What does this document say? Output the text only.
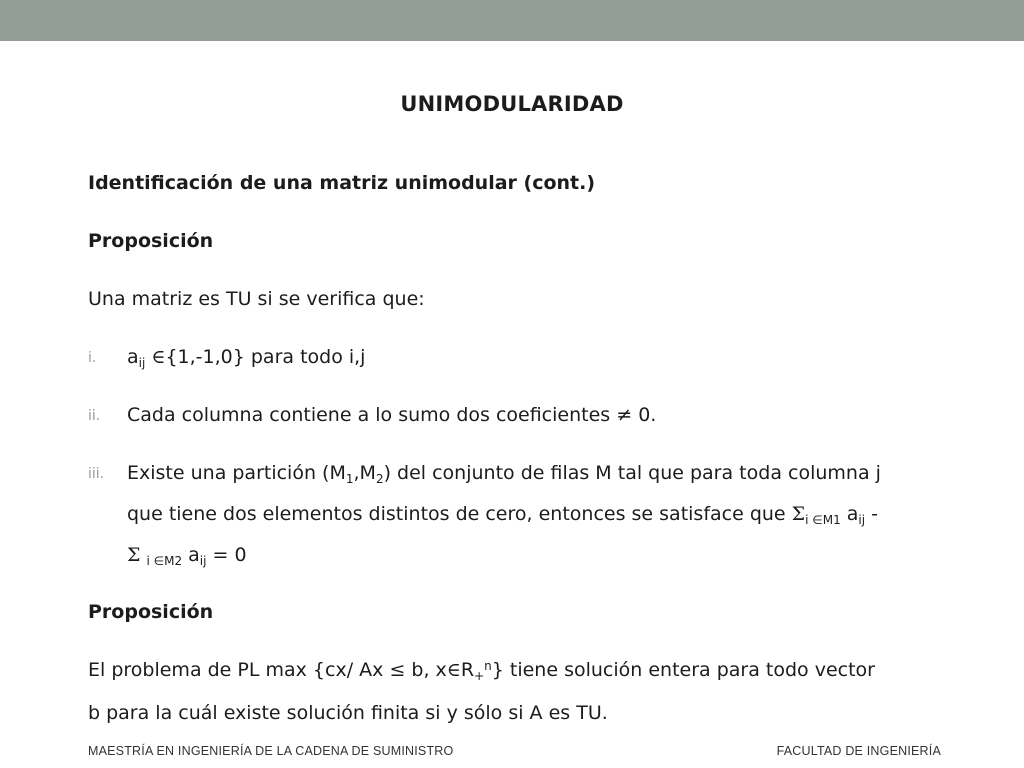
UNIMODULARIDAD
Identificación de una matriz unimodular (cont.)
Proposición
Una matriz es TU si se verifica que:
i. $a_{ij}$ ∈{1,-1,0} para todo i,j
ii. Cada columna contiene a lo sumo dos coeficientes ≠ 0.
iii. Existe una partición $(M_1,M_2)$ del conjunto de filas M tal que para toda columna j
que tiene dos elementos distintos de cero, entonces se satisface que $\Sigma_{i \in M1}$ $a_{ij}$ -
Σ $_{i \in M2}$ $a_{ij} = 0$
Proposición
El problema de PL max {cx/ Ax ≤ b, $x\in R_+^n$} tiene solución entera para todo vector
b para la cuál existe solución finita si y sólo si A es TU.
MAESTRÍA EN INGENIERÍA DE LA CADENA DE SUMINISTRO	FACULTAD DE INGENIERÍA
